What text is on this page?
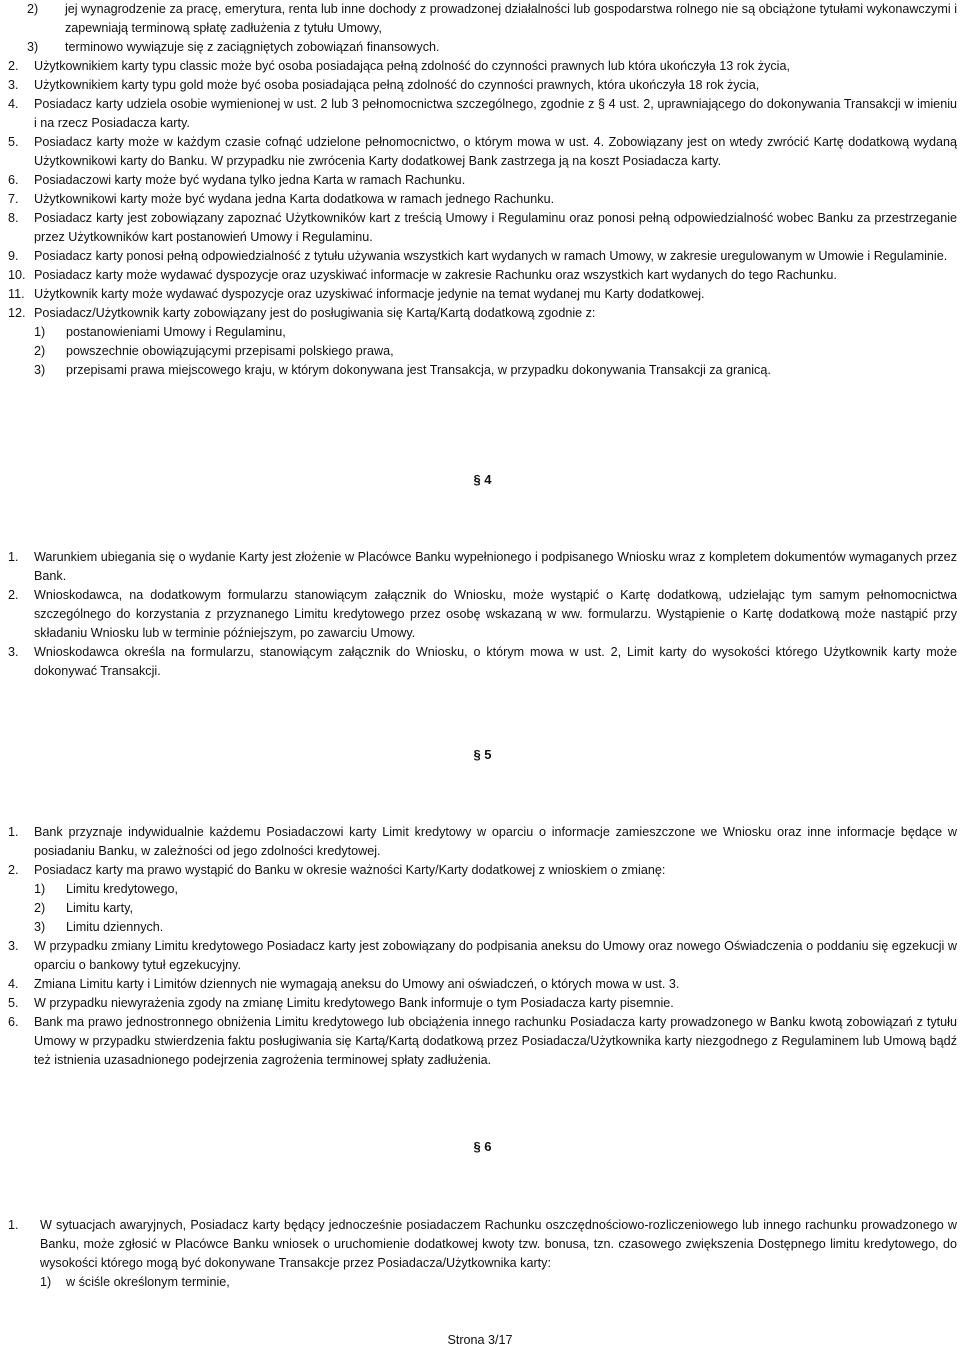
2)	jej wynagrodzenie za pracę, emerytura, renta lub inne dochody z prowadzonej działalności lub gospodarstwa rolnego nie są obciążone tytułami wykonawczymi i zapewniają terminową spłatę zadłużenia z tytułu Umowy,
3)	terminowo wywiązuje się z zaciągniętych zobowiązań finansowych.
2.	Użytkownikiem karty typu classic może być osoba posiadająca pełną zdolność do czynności prawnych lub która ukończyła 13 rok życia,
3.	Użytkownikiem karty typu gold może być osoba posiadająca pełną zdolność do czynności prawnych, która ukończyła 18 rok życia,
4.	Posiadacz karty udziela osobie wymienionej w ust. 2 lub 3 pełnomocnictwa szczególnego, zgodnie z § 4 ust. 2, uprawniającego do dokonywania Transakcji w imieniu i na rzecz Posiadacza karty.
5.	Posiadacz karty może w każdym czasie cofnąć udzielone pełnomocnictwo, o którym mowa w ust. 4. Zobowiązany jest on wtedy zwrócić Kartę dodatkową wydaną Użytkownikowi karty do Banku. W przypadku nie zwrócenia Karty dodatkowej Bank zastrzega ją na koszt Posiadacza karty.
6.	Posiadaczowi karty może być wydana tylko jedna Karta w ramach Rachunku.
7.	Użytkownikowi karty może być wydana jedna Karta dodatkowa w ramach jednego Rachunku.
8.	Posiadacz karty jest zobowiązany zapoznać Użytkowników kart z treścią Umowy i Regulaminu oraz ponosi pełną odpowiedzialność wobec Banku za przestrzeganie przez Użytkowników kart postanowień Umowy i Regulaminu.
9.	Posiadacz karty ponosi pełną odpowiedzialność z tytułu używania wszystkich kart wydanych w ramach Umowy, w zakresie uregulowanym w Umowie i Regulaminie.
10. Posiadacz karty może wydawać dyspozycje oraz uzyskiwać informacje w zakresie Rachunku oraz wszystkich kart wydanych do tego Rachunku.
11. Użytkownik karty może wydawać dyspozycje oraz uzyskiwać informacje jedynie na temat wydanej mu Karty dodatkowej.
12. Posiadacz/Użytkownik karty zobowiązany jest do posługiwania się Kartą/Kartą dodatkową zgodnie z:
1)	postanowieniami Umowy i Regulaminu,
2)	powszechnie obowiązującymi przepisami polskiego prawa,
3)	przepisami prawa miejscowego kraju, w którym dokonywana jest Transakcja, w przypadku dokonywania Transakcji za granicą.
§ 4
1.	Warunkiem ubiegania się o wydanie Karty jest złożenie w Placówce Banku wypełnionego i podpisanego Wniosku wraz z kompletem dokumentów wymaganych przez Bank.
2.	Wnioskodawca, na dodatkowym formularzu stanowiącym załącznik do Wniosku, może wystąpić o Kartę dodatkową, udzielając tym samym pełnomocnictwa szczególnego do korzystania z przyznanego Limitu kredytowego przez osobę wskazaną w ww. formularzu. Wystąpienie o Kartę dodatkową może nastąpić przy składaniu Wniosku lub w terminie późniejszym, po zawarciu Umowy.
3.	Wnioskodawca określa na formularzu, stanowiącym załącznik do Wniosku, o którym mowa w ust. 2, Limit karty do wysokości którego Użytkownik karty może dokonywać Transakcji.
§ 5
1.	Bank przyznaje indywidualnie każdemu Posiadaczowi karty Limit kredytowy w oparciu o informacje zamieszczone we Wniosku oraz inne informacje będące w posiadaniu Banku, w zależności od jego zdolności kredytowej.
2.	Posiadacz karty ma prawo wystąpić do Banku w okresie ważności Karty/Karty dodatkowej z wnioskiem o zmianę:
1)	Limitu kredytowego,
2)	Limitu karty,
3)	Limitu dziennych.
3.	W przypadku zmiany Limitu kredytowego Posiadacz karty jest zobowiązany do podpisania aneksu do Umowy oraz nowego Oświadczenia o poddaniu się egzekucji w oparciu o bankowy tytuł egzekucyjny.
4.	Zmiana Limitu karty i Limitów dziennych nie wymagają aneksu do Umowy ani oświadczeń, o których mowa w ust. 3.
5.	W przypadku niewyrażenia zgody na zmianę Limitu kredytowego Bank informuje o tym Posiadacza karty pisemnie.
6.	Bank ma prawo jednostronnego obniżenia Limitu kredytowego lub obciążenia innego rachunku Posiadacza karty prowadzonego w Banku kwotą zobowiązań z tytułu Umowy w przypadku stwierdzenia faktu posługiwania się Kartą/Kartą dodatkową przez Posiadacza/Użytkownika karty niezgodnego z Regulaminem lub Umową bądź też istnienia uzasadnionego podejrzenia zagrożenia terminowej spłaty zadłużenia.
§ 6
1.	W sytuacjach awaryjnych, Posiadacz karty będący jednocześnie posiadaczem Rachunku oszczędnościowo-rozliczeniowego lub innego rachunku prowadzonego w Banku, może zgłosić w Placówce Banku wniosek o uruchomienie dodatkowej kwoty tzw. bonusa, tzn. czasowego zwiększenia Dostępnego limitu kredytowego, do wysokości którego mogą być dokonywane Transakcje przez Posiadacza/Użytkownika karty:
1)	w ściśle określonym terminie,
Strona 3/17
